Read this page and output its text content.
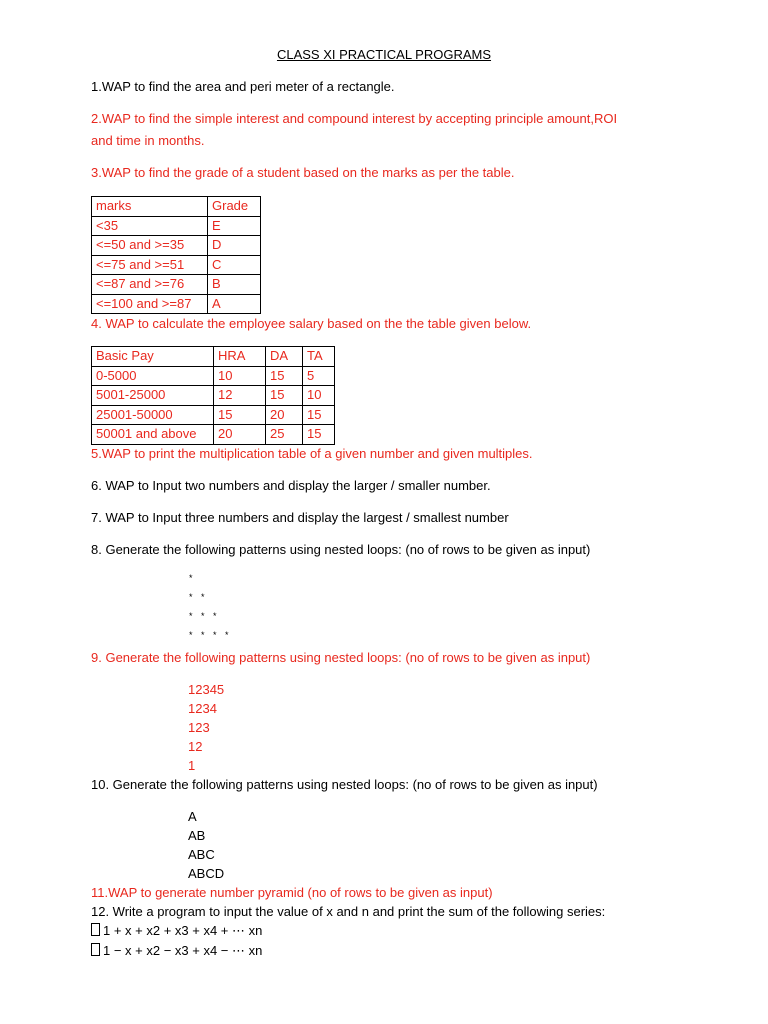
CLASS XI PRACTICAL PROGRAMS
1.WAP to find the area and peri meter of a rectangle.
2.WAP to find the simple interest and compound interest by accepting principle amount,ROI
and time in months.
3.WAP to find the grade of a student based on the marks as per the table.
marks	Grade
<35	E
<=50 and >=35	D
<=75 and >=51	C
<=87 and >=76	B
<=100 and >=87	A
4. WAP to calculate the employee salary based on the the table given below.
Basic Pay	HRA	DA	TA
0-5000	10	15	5
5001-25000	12	15	10
25001-50000	15	20	15
50001 and above	20	25	15
5.WAP to print the multiplication table of a given number and given multiples.
6. WAP to Input two numbers and display the larger / smaller number.
7. WAP to Input three numbers and display the largest / smallest number
8. Generate the following patterns using nested loops: (no of rows to be given as input)
*
* *
* * *
* * * *
9. Generate the following patterns using nested loops: (no of rows to be given as input)
12345
1234
123
12
1
10. Generate the following patterns using nested loops: (no of rows to be given as input)
A
AB
ABC
ABCD
11.WAP to generate number pyramid (no of rows to be given as input)
12. Write a program to input the value of x and n and print the sum of the following series:
1 + x + x2 + x3 + x4 + ⋯ xn
1 − x + x2 − x3 + x4 − ⋯ xn
